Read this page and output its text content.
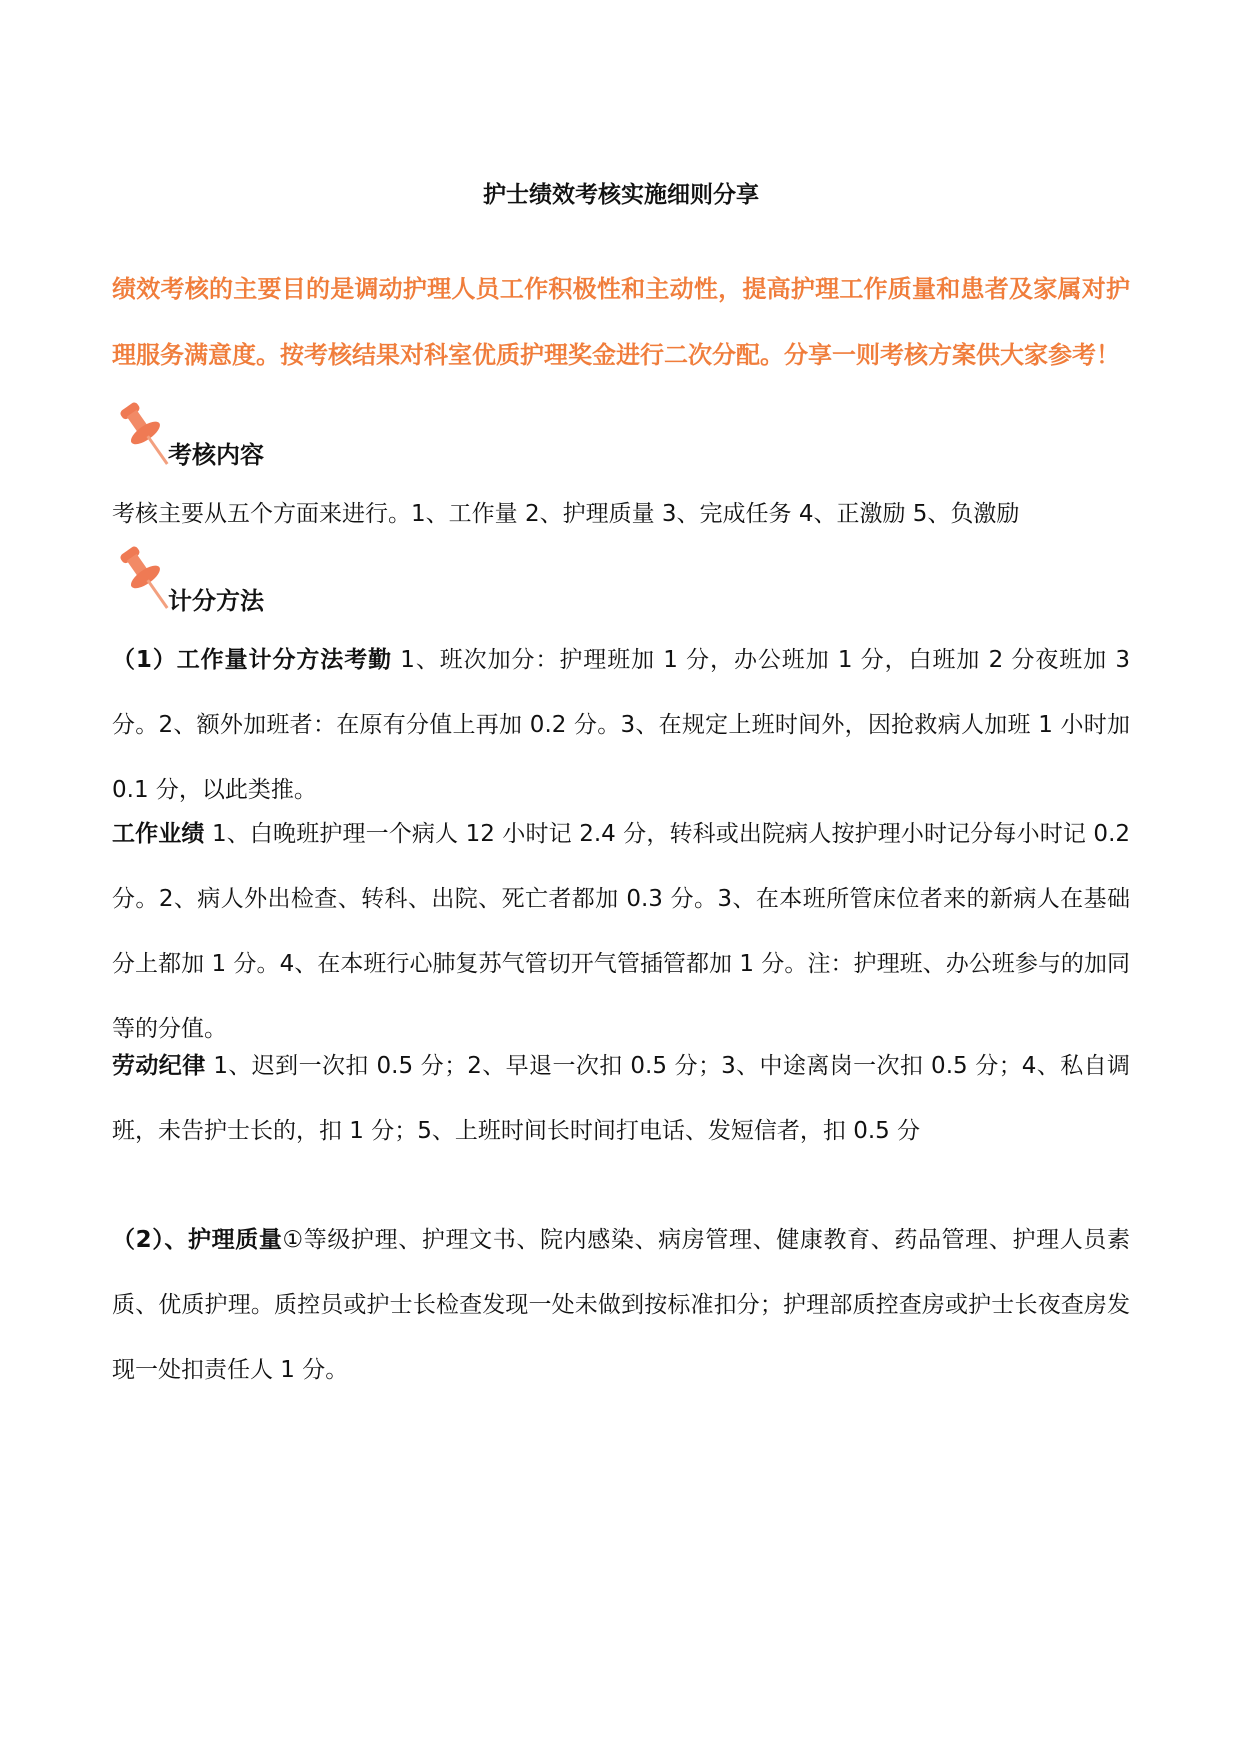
护士绩效考核实施细则分享

绩效考核的主要目的是调动护理人员工作积极性和主动性，提高护理工作质量和患者及家属对护理服务满意度。按考核结果对科室优质护理奖金进行二次分配。分享一则考核方案供大家参考！

考核内容

考核主要从五个方面来进行。1、工作量 2、护理质量 3、完成任务 4、正激励 5、负激励

计分方法

（1）工作量计分方法考勤 1、班次加分：护理班加 1 分，办公班加 1 分，白班加 2 分夜班加 3 分。2、额外加班者：在原有分值上再加 0.2 分。3、在规定上班时间外，因抢救病人加班 1 小时加 0.1 分，以此类推。

工作业绩 1、白晚班护理一个病人 12 小时记 2.4 分，转科或出院病人按护理小时记分每小时记 0.2 分。2、病人外出检查、转科、出院、死亡者都加 0.3 分。3、在本班所管床位者来的新病人在基础分上都加 1 分。4、在本班行心肺复苏气管切开气管插管都加 1 分。注：护理班、办公班参与的加同等的分值。

劳动纪律 1、迟到一次扣 0.5 分；2、早退一次扣 0.5 分；3、中途离岗一次扣 0.5 分；4、私自调班，未告护士长的，扣 1 分；5、上班时间长时间打电话、发短信者，扣 0.5 分

（2）、护理质量①等级护理、护理文书、院内感染、病房管理、健康教育、药品管理、护理人员素质、优质护理。质控员或护士长检查发现一处未做到按标准扣分；护理部质控查房或护士长夜查房发现一处扣责任人 1 分。
